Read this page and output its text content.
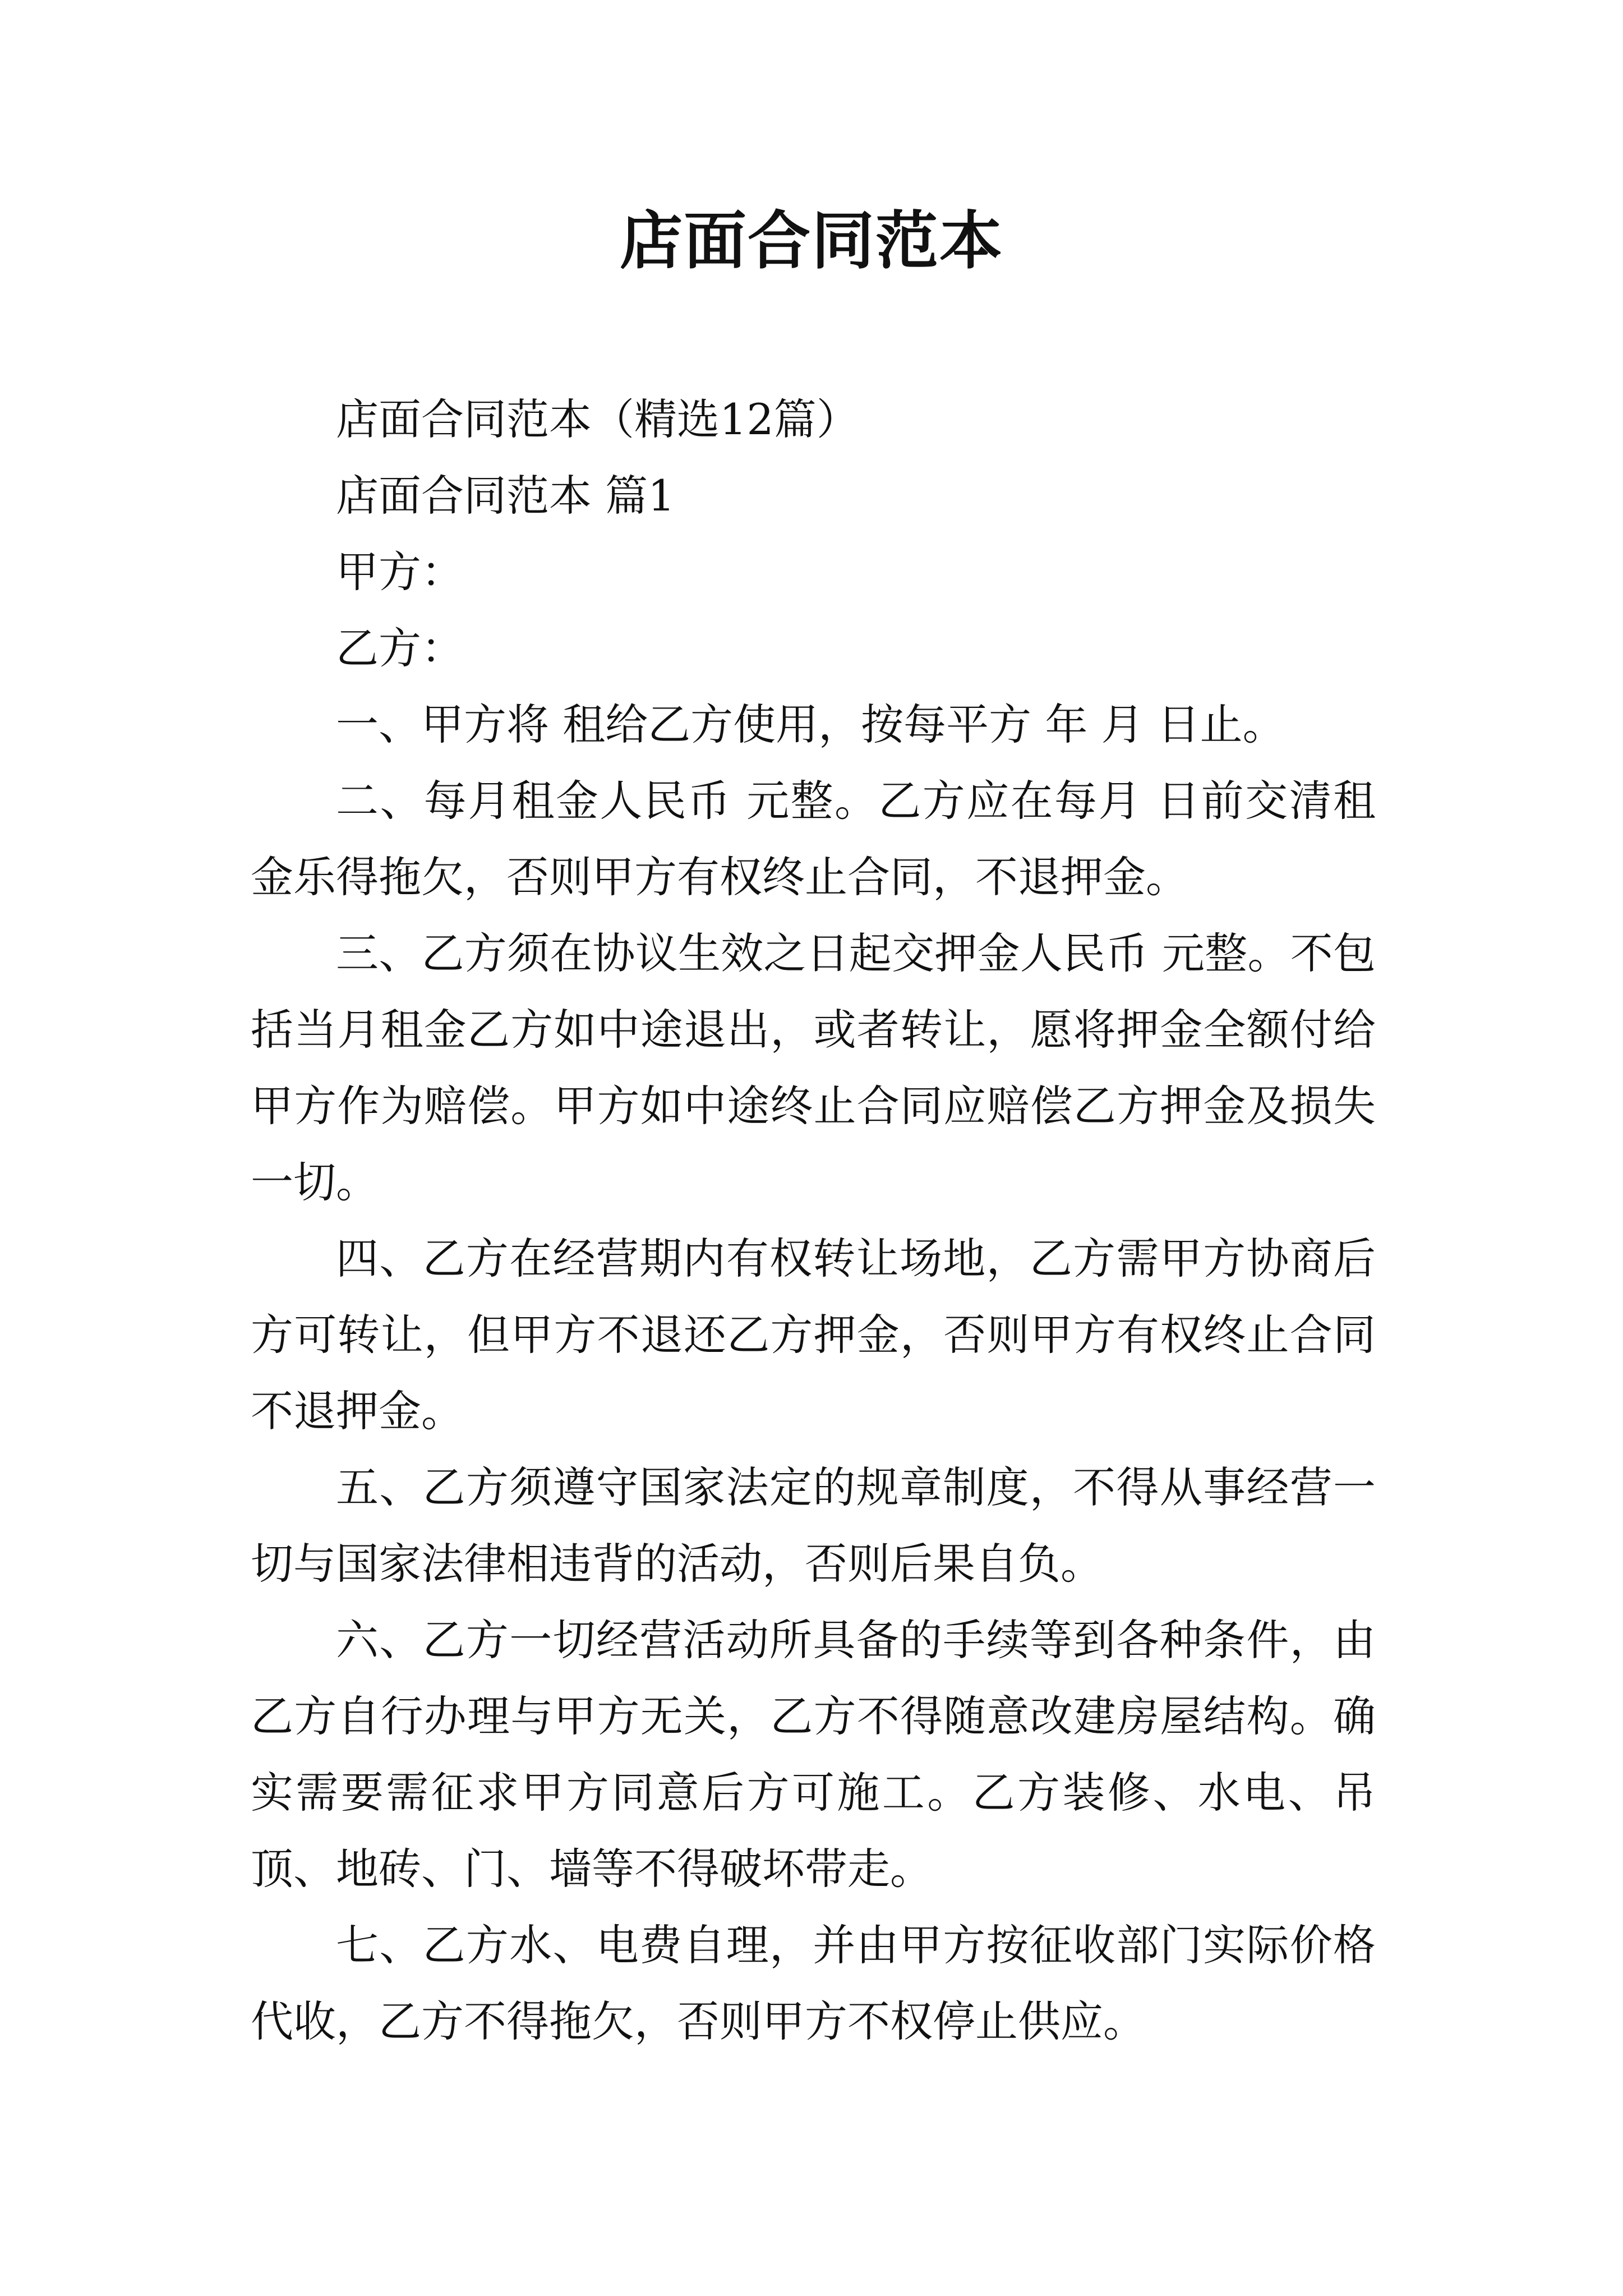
店面合同范本

店面合同范本（精选12篇）

店面合同范本 篇1

甲方：

乙方：

一、甲方将 租给乙方使用，按每平方 年 月 日止。

二、每月租金人民币 元整。乙方应在每月 日前交清租金乐得拖欠，否则甲方有权终止合同，不退押金。

三、乙方须在协议生效之日起交押金人民币 元整。不包括当月租金乙方如中途退出，或者转让，愿将押金全额付给甲方作为赔偿。甲方如中途终止合同应赔偿乙方押金及损失一切。

四、乙方在经营期内有权转让场地，乙方需甲方协商后方可转让，但甲方不退还乙方押金，否则甲方有权终止合同不退押金。

五、乙方须遵守国家法定的规章制度，不得从事经营一切与国家法律相违背的活动，否则后果自负。

六、乙方一切经营活动所具备的手续等到各种条件，由乙方自行办理与甲方无关，乙方不得随意改建房屋结构。确实需要需征求甲方同意后方可施工。乙方装修、水电、吊顶、地砖、门、墙等不得破坏带走。

七、乙方水、电费自理，并由甲方按征收部门实际价格代收，乙方不得拖欠，否则甲方不权停止供应。
